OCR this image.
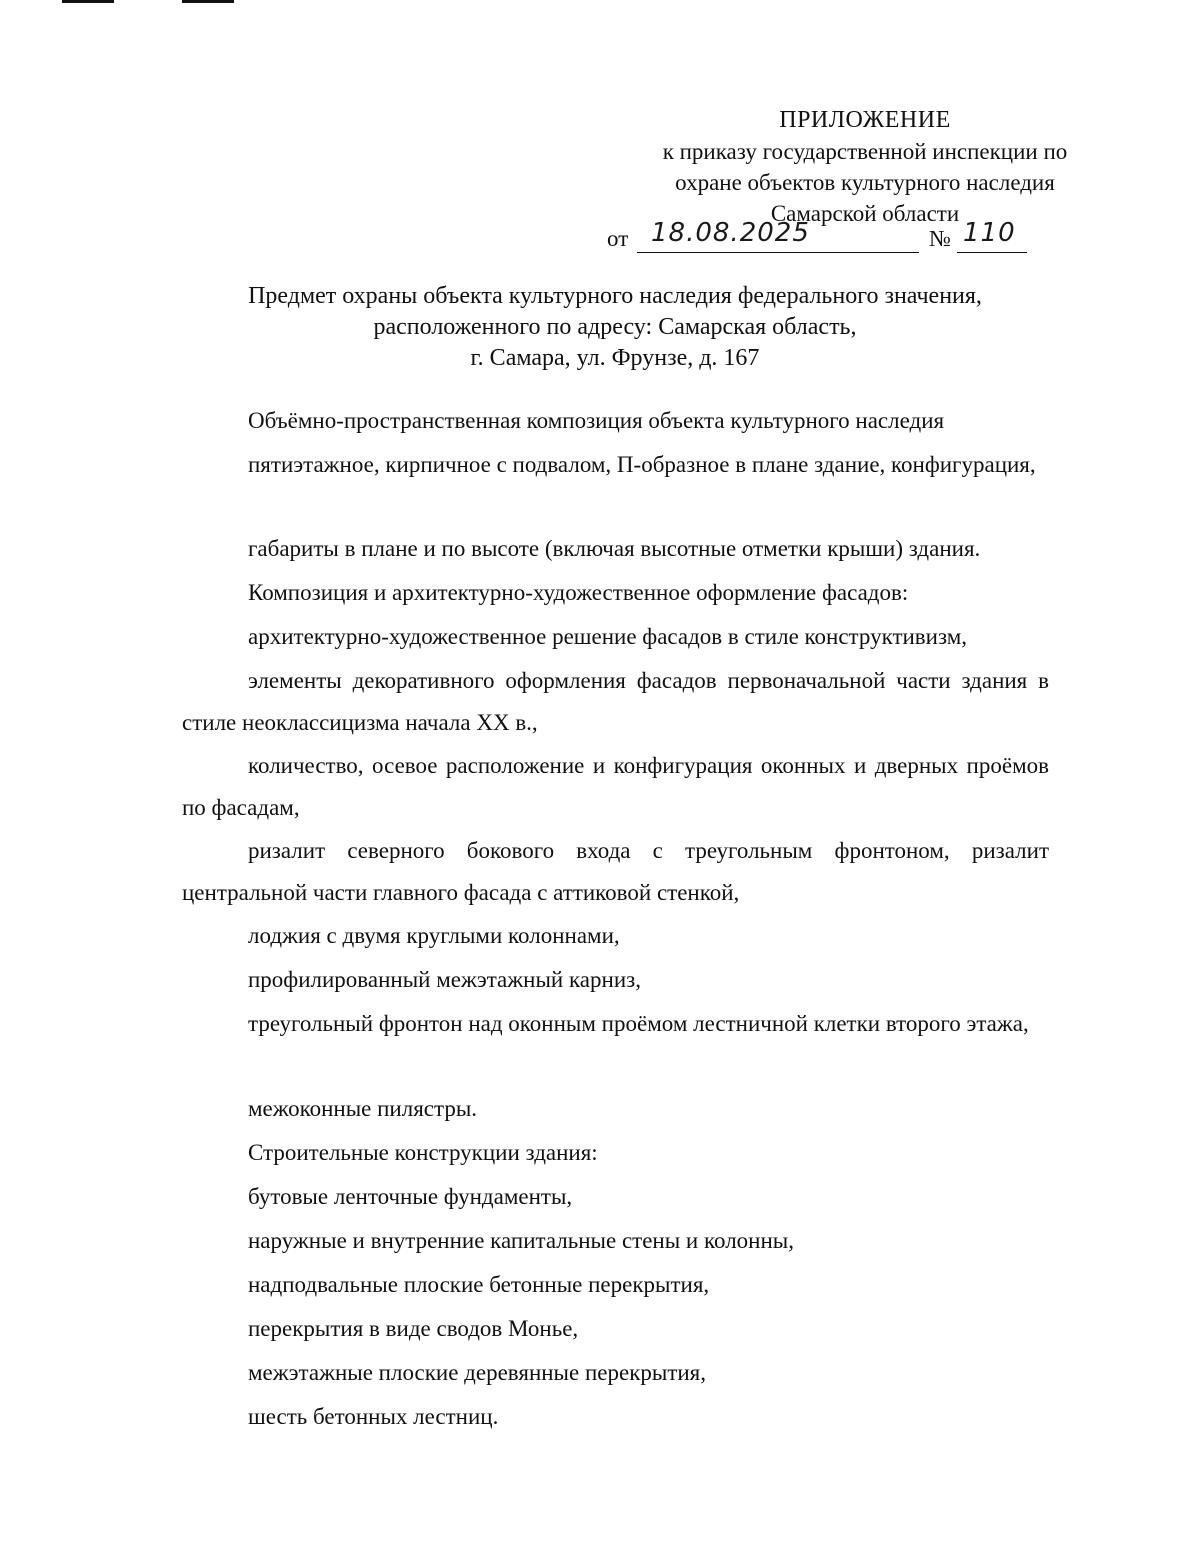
ПРИЛОЖЕНИЕ
к приказу государственной инспекции по
охране объектов культурного наследия
Самарской области
от 18.08.2025	№ 110
Предмет охраны объекта культурного наследия федерального значения,
расположенного по адресу: Самарская область,
г. Самара, ул. Фрунзе, д. 167

Объёмно-пространственная композиция объекта культурного наследия

пятиэтажное, кирпичное с подвалом, П-образное в плане здание, конфигурация,

габариты в плане и по высоте (включая высотные отметки крыши) здания.

Композиция и архитектурно-художественное оформление фасадов:

архитектурно-художественное решение фасадов в стиле конструктивизм,

элементы декоративного оформления фасадов первоначальной части здания в стиле неоклассицизма начала XX в.,

количество, осевое расположение и конфигурация оконных и дверных проёмов по фасадам,

ризалит северного бокового входа с треугольным фронтоном, ризалит центральной части главного фасада с аттиковой стенкой,

лоджия с двумя круглыми колоннами,

профилированный межэтажный карниз,

треугольный фронтон над оконным проёмом лестничной клетки второго этажа,

межоконные пилястры.

Строительные конструкции здания:

бутовые ленточные фундаменты,

наружные и внутренние капитальные стены и колонны,

надподвальные плоские бетонные перекрытия,

перекрытия в виде сводов Монье,

межэтажные плоские деревянные перекрытия,

шесть бетонных лестниц.
